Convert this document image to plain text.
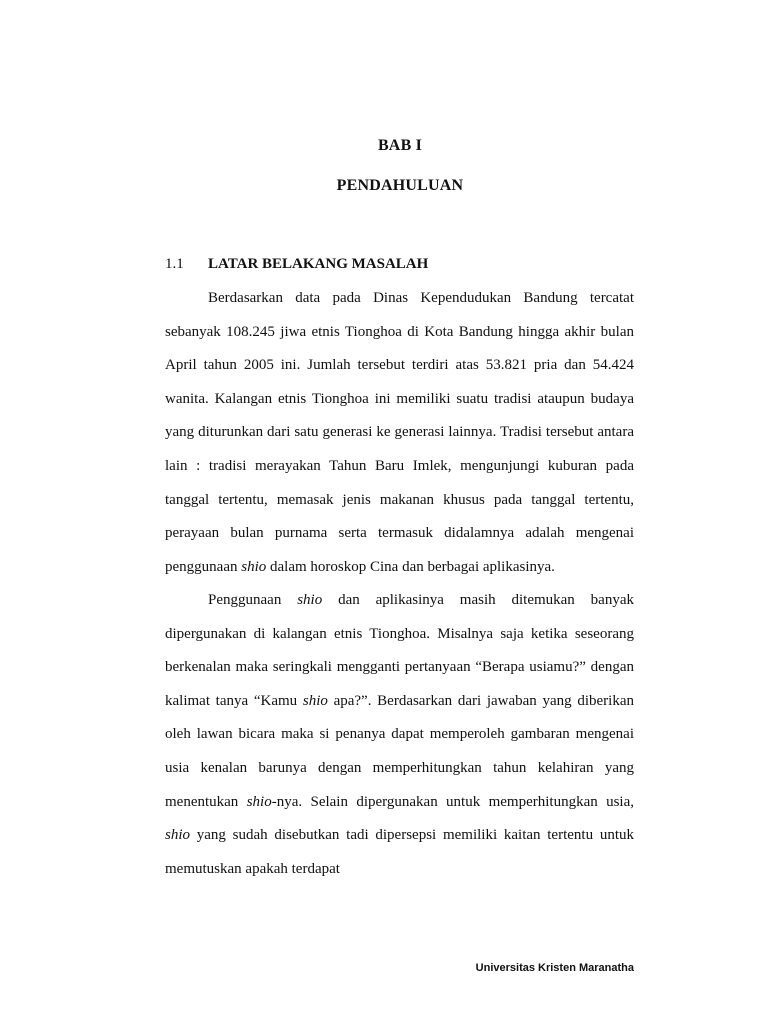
BAB I
PENDAHULUAN
1.1 LATAR BELAKANG MASALAH

Berdasarkan data pada Dinas Kependudukan Bandung tercatat sebanyak 108.245 jiwa etnis Tionghoa di Kota Bandung hingga akhir bulan April tahun 2005 ini. Jumlah tersebut terdiri atas 53.821 pria dan 54.424 wanita. Kalangan etnis Tionghoa ini memiliki suatu tradisi ataupun budaya yang diturunkan dari satu generasi ke generasi lainnya. Tradisi tersebut antara lain : tradisi merayakan Tahun Baru Imlek, mengunjungi kuburan pada tanggal tertentu, memasak jenis makanan khusus pada tanggal tertentu, perayaan bulan purnama serta termasuk didalamnya adalah mengenai penggunaan shio dalam horoskop Cina dan berbagai aplikasinya.

Penggunaan shio dan aplikasinya masih ditemukan banyak dipergunakan di kalangan etnis Tionghoa. Misalnya saja ketika seseorang berkenalan maka seringkali mengganti pertanyaan “Berapa usiamu?” dengan kalimat tanya “Kamu shio apa?”. Berdasarkan dari jawaban yang diberikan oleh lawan bicara maka si penanya dapat memperoleh gambaran mengenai usia kenalan barunya dengan memperhitungkan tahun kelahiran yang menentukan shio-nya. Selain dipergunakan untuk memperhitungkan usia, shio yang sudah disebutkan tadi dipersepsi memiliki kaitan tertentu untuk memutuskan apakah terdapat

Universitas Kristen Maranatha
